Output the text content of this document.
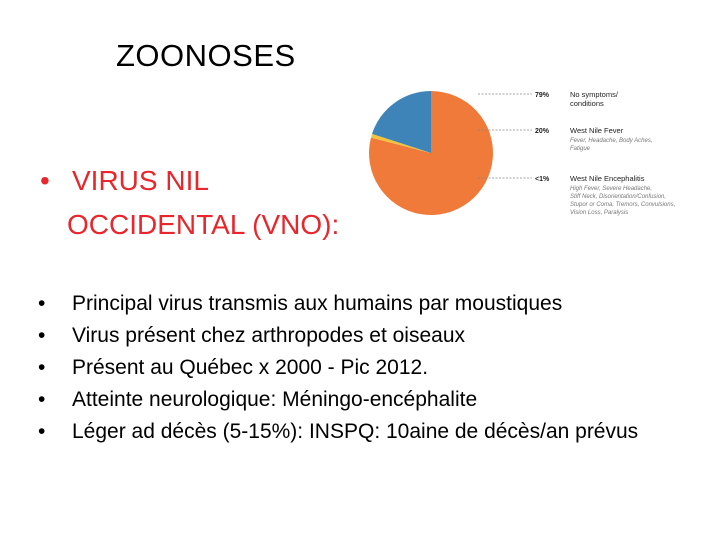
ZOONOSES
• VIRUS NIL
OCCIDENTAL (VNO):
79%	No symptoms/
conditions
20%	West Nile Fever
Fever, Headache, Body Aches,
Fatigue
<1%	West Nile Encephalitis
High Fever, Severe Headache,
Stiff Neck, Disorientation/Confusion,
Stupor or Coma, Tremors, Convulsions,
Vision Loss, Paralysis
• Principal virus transmis aux humains par moustiques
• Virus présent chez arthropodes et oiseaux
• Présent au Québec x 2000 - Pic 2012.
• Atteinte neurologique: Méningo-encéphalite
• Léger ad décès (5-15%): INSPQ: 10aine de décès/an prévus
